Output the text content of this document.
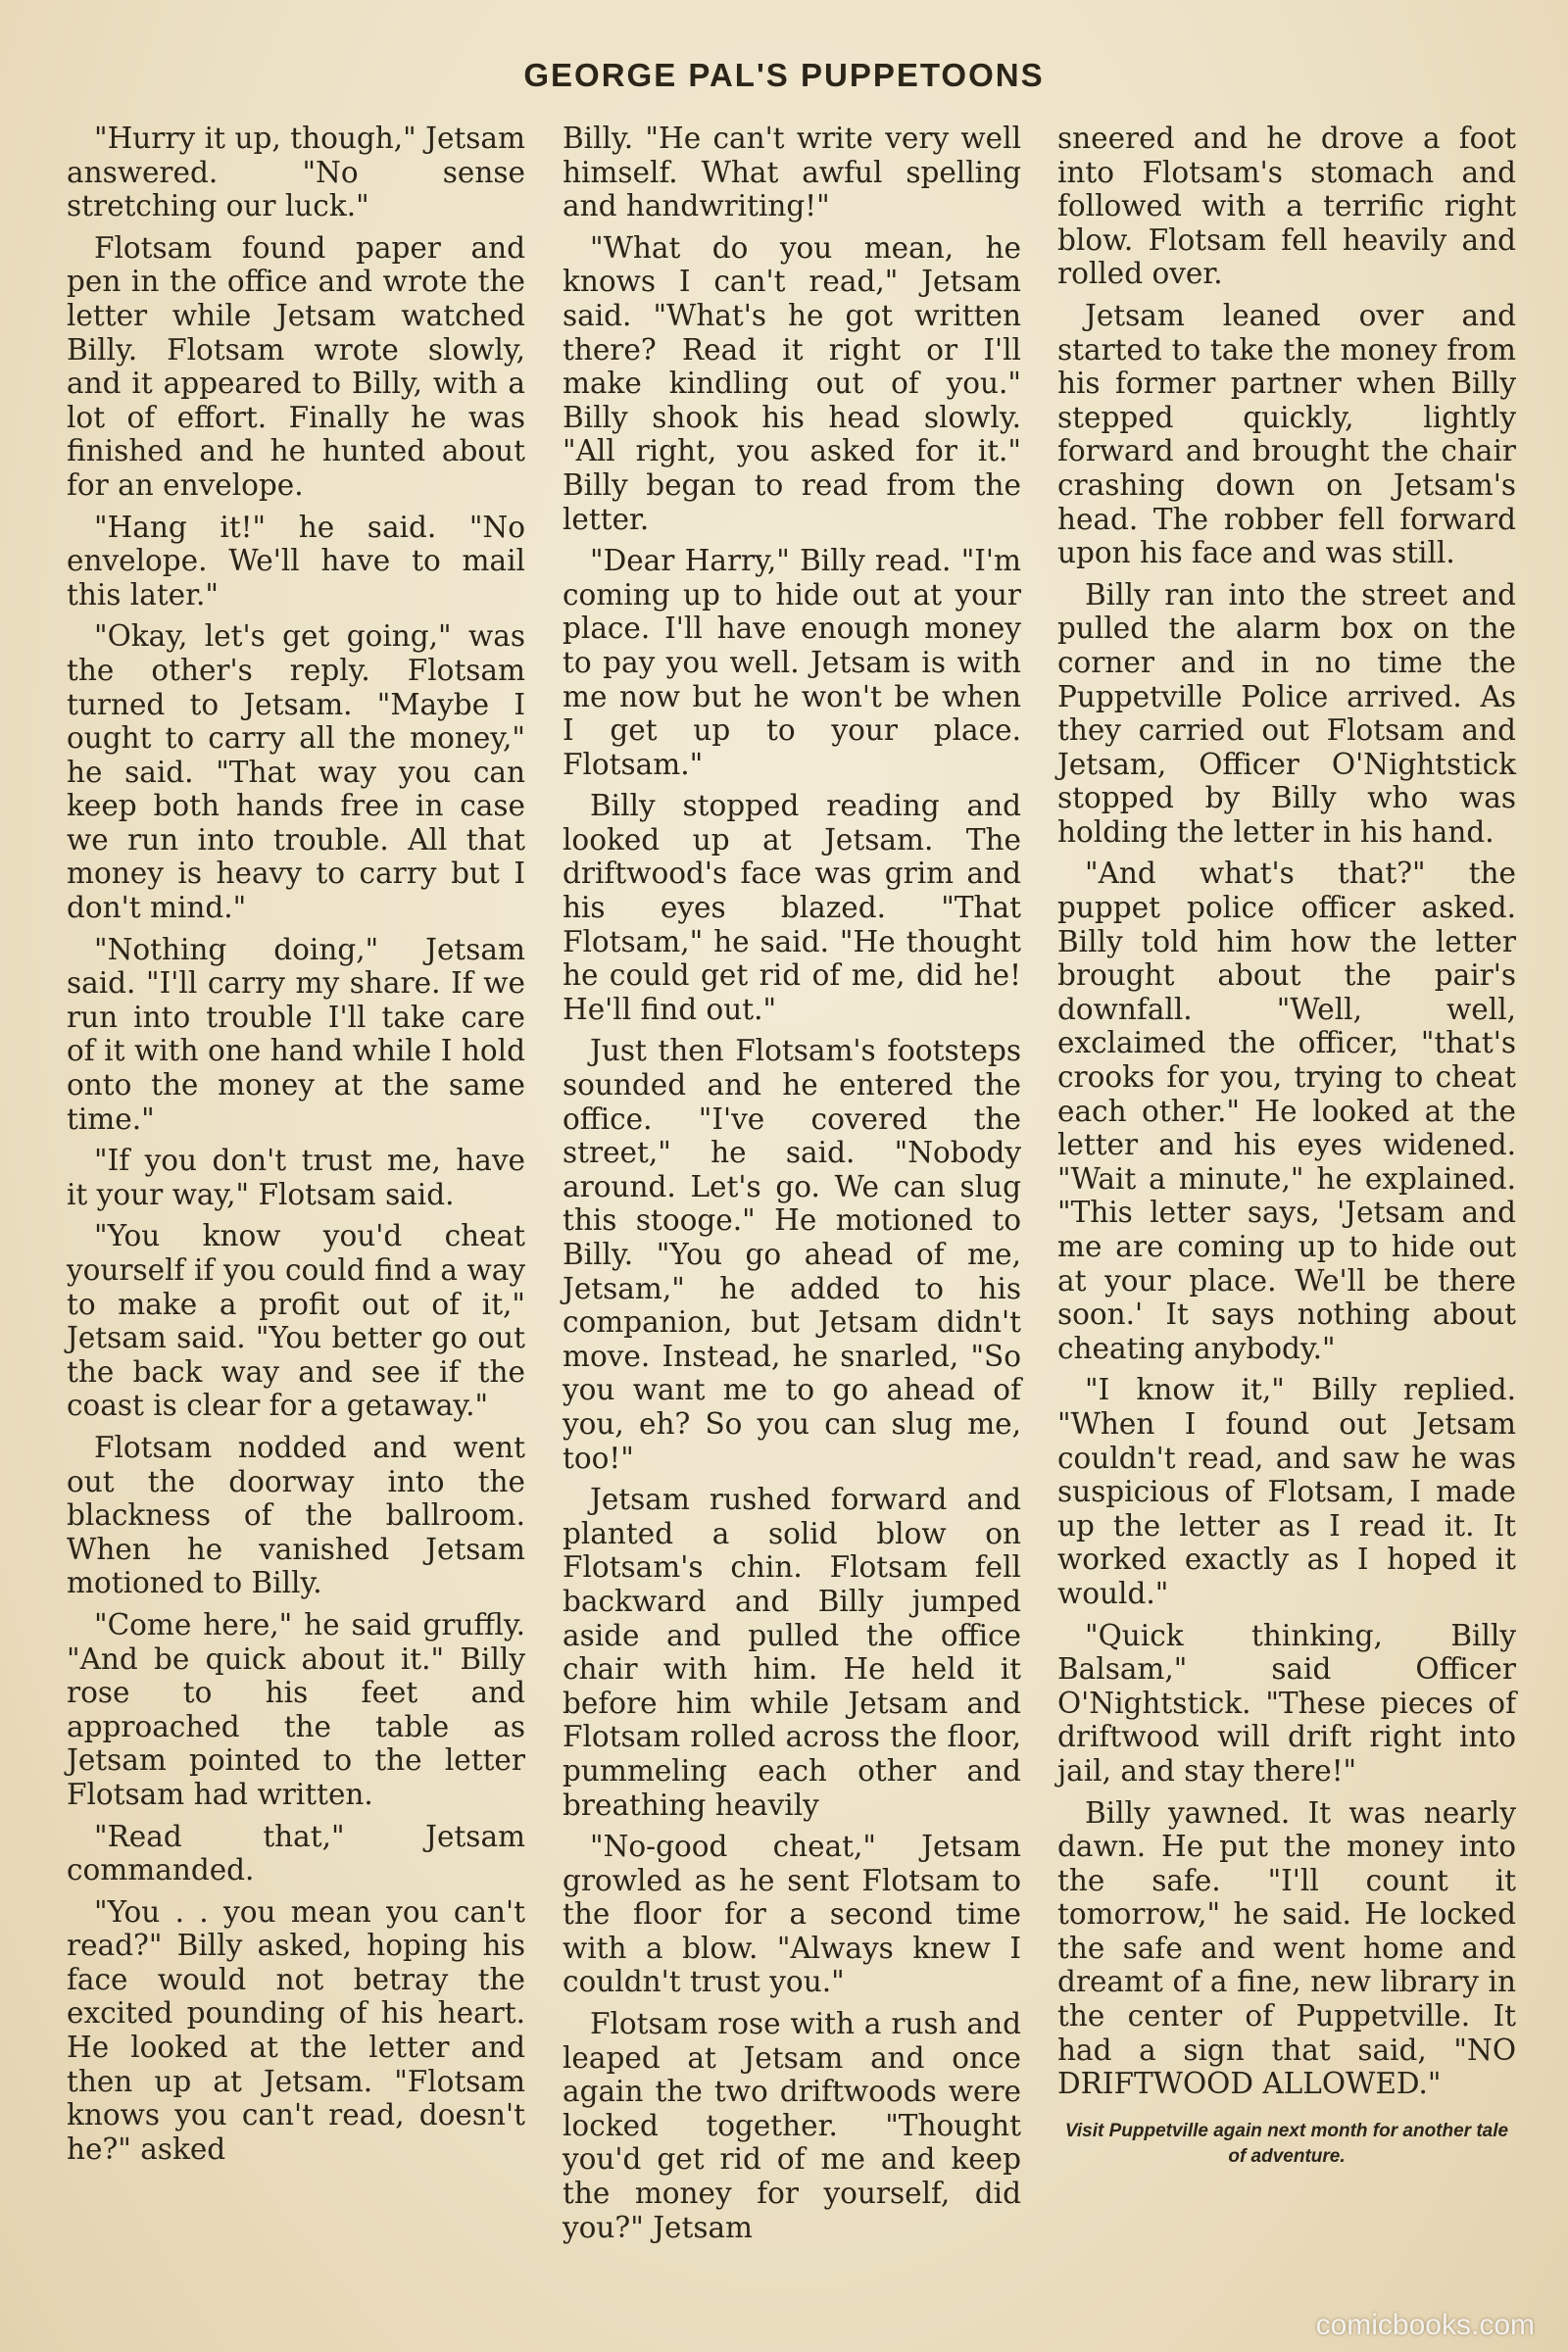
GEORGE PAL'S PUPPETOONS

"Hurry it up, though," Jetsam answered. "No sense stretching our luck."

Flotsam found paper and pen in the office and wrote the letter while Jetsam watched Billy. Flotsam wrote slowly, and it appeared to Billy, with a lot of effort. Finally he was finished and he hunted about for an envelope.

"Hang it!" he said. "No envelope. We'll have to mail this later."

"Okay, let's get going," was the other's reply. Flotsam turned to Jetsam. "Maybe I ought to carry all the money," he said. "That way you can keep both hands free in case we run into trouble. All that money is heavy to carry but I don't mind."

"Nothing doing," Jetsam said. "I'll carry my share. If we run into trouble I'll take care of it with one hand while I hold onto the money at the same time."

"If you don't trust me, have it your way," Flotsam said.

"You know you'd cheat yourself if you could find a way to make a profit out of it," Jetsam said. "You better go out the back way and see if the coast is clear for a getaway."

Flotsam nodded and went out the doorway into the blackness of the ballroom. When he vanished Jetsam motioned to Billy.

"Come here," he said gruffly. "And be quick about it." Billy rose to his feet and approached the table as Jetsam pointed to the letter Flotsam had written.

"Read that," Jetsam commanded.

"You . . you mean you can't read?" Billy asked, hoping his face would not betray the excited pounding of his heart. He looked at the letter and then up at Jetsam. "Flotsam knows you can't read, doesn't he?" asked

Billy. "He can't write very well himself. What awful spelling and handwriting!"

"What do you mean, he knows I can't read," Jetsam said. "What's he got written there? Read it right or I'll make kindling out of you." Billy shook his head slowly. "All right, you asked for it." Billy began to read from the letter.

"Dear Harry," Billy read. "I'm coming up to hide out at your place. I'll have enough money to pay you well. Jetsam is with me now but he won't be when I get up to your place. Flotsam."

Billy stopped reading and looked up at Jetsam. The driftwood's face was grim and his eyes blazed. "That Flotsam," he said. "He thought he could get rid of me, did he! He'll find out."

Just then Flotsam's footsteps sounded and he entered the office. "I've covered the street," he said. "Nobody around. Let's go. We can slug this stooge." He motioned to Billy. "You go ahead of me, Jetsam," he added to his companion, but Jetsam didn't move. Instead, he snarled, "So you want me to go ahead of you, eh? So you can slug me, too!"

Jetsam rushed forward and planted a solid blow on Flotsam's chin. Flotsam fell backward and Billy jumped aside and pulled the office chair with him. He held it before him while Jetsam and Flotsam rolled across the floor, pummeling each other and breathing heavily

"No-good cheat," Jetsam growled as he sent Flotsam to the floor for a second time with a blow. "Always knew I couldn't trust you."

Flotsam rose with a rush and leaped at Jetsam and once again the two driftwoods were locked together. "Thought you'd get rid of me and keep the money for yourself, did you?" Jetsam

sneered and he drove a foot into Flotsam's stomach and followed with a terrific right blow. Flotsam fell heavily and rolled over.

Jetsam leaned over and started to take the money from his former partner when Billy stepped quickly, lightly forward and brought the chair crashing down on Jetsam's head. The robber fell forward upon his face and was still.

Billy ran into the street and pulled the alarm box on the corner and in no time the Puppetville Police arrived. As they carried out Flotsam and Jetsam, Officer O'Nightstick stopped by Billy who was holding the letter in his hand.

"And what's that?" the puppet police officer asked. Billy told him how the letter brought about the pair's downfall. "Well, well, exclaimed the officer, "that's crooks for you, trying to cheat each other." He looked at the letter and his eyes widened. "Wait a minute," he explained. "This letter says, 'Jetsam and me are coming up to hide out at your place. We'll be there soon.' It says nothing about cheating anybody."

"I know it," Billy replied. "When I found out Jetsam couldn't read, and saw he was suspicious of Flotsam, I made up the letter as I read it. It worked exactly as I hoped it would."

"Quick thinking, Billy Balsam," said Officer O'Nightstick. "These pieces of driftwood will drift right into jail, and stay there!"

Billy yawned. It was nearly dawn. He put the money into the safe. "I'll count it tomorrow," he said. He locked the safe and went home and dreamt of a fine, new library in the center of Puppetville. It had a sign that said, "NO DRIFTWOOD ALLOWED."

Visit Puppetville again next month for another tale of adventure.
comicbooks.com
